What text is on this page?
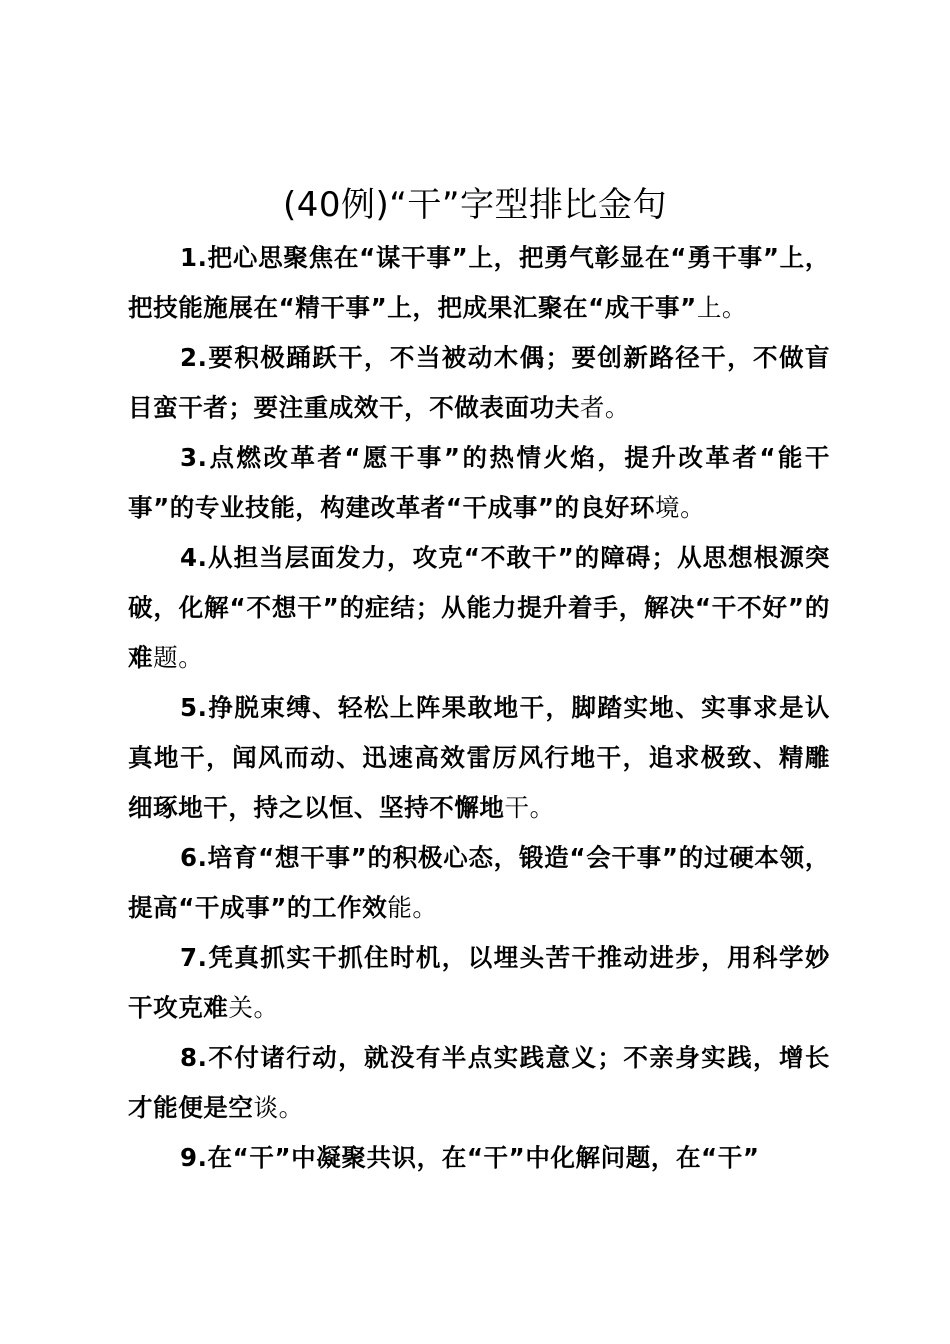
(40例)“干”字型排比金句

1.把心思聚焦在“谋干事”上，把勇气彰显在“勇干事”上，把技能施展在“精干事”上，把成果汇聚在“成干事”上。

2.要积极踊跃干，不当被动木偶；要创新路径干，不做盲目蛮干者；要注重成效干，不做表面功夫者。

3.点燃改革者“愿干事”的热情火焰，提升改革者“能干事”的专业技能，构建改革者“干成事”的良好环境。

4.从担当层面发力，攻克“不敢干”的障碍；从思想根源突破，化解“不想干”的症结；从能力提升着手，解决“干不好”的难题。

5.挣脱束缚、轻松上阵果敢地干，脚踏实地、实事求是认真地干，闻风而动、迅速高效雷厉风行地干，追求极致、精雕细琢地干，持之以恒、坚持不懈地干。

6.培育“想干事”的积极心态，锻造“会干事”的过硬本领，提高“干成事”的工作效能。

7.凭真抓实干抓住时机，以埋头苦干推动进步，用科学妙干攻克难关。

8.不付诸行动，就没有半点实践意义；不亲身实践，增长才能便是空谈。

9.在“干”中凝聚共识，在“干”中化解问题，在“干”
